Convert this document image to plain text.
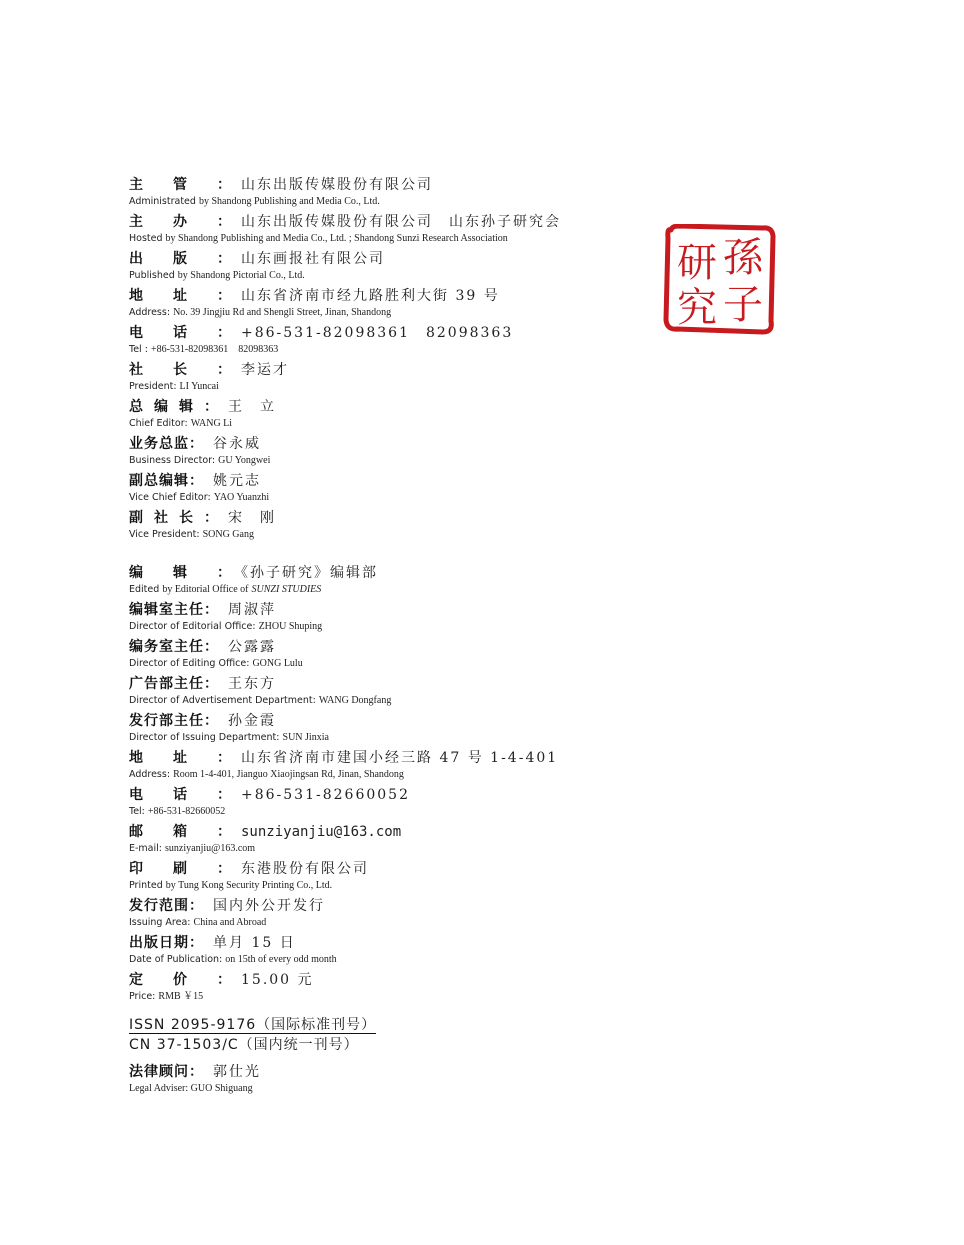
主管： 山东出版传媒股份有限公司
Administrated by Shandong Publishing and Media Co., Ltd.
主办： 山东出版传媒股份有限公司　山东孙子研究会
Hosted by Shandong Publishing and Media Co., Ltd. ; Shandong Sunzi Research Association
出版： 山东画报社有限公司
Published by Shandong Pictorial Co., Ltd.
地址： 山东省济南市经九路胜利大街 39 号
Address: No. 39 Jingjiu Rd and Shengli Street, Jinan, Shandong
电话： +86-531-82098361　82098363
Tel : +86-531-82098361　82098363
社长： 李运才
President: LI Yuncai
总编辑： 王　立
Chief Editor: WANG Li
业务总监： 谷永威
Business Director: GU Yongwei
副总编辑： 姚元志
Vice Chief Editor: YAO Yuanzhi
副社长： 宋　刚
Vice President: SONG Gang
编辑： 《孙子研究》编辑部
Edited by Editorial Office of SUNZI STUDIES
编辑室主任： 周淑萍
Director of Editorial Office: ZHOU Shuping
编务室主任： 公露露
Director of Editing Office: GONG Lulu
广告部主任： 王东方
Director of Advertisement Department: WANG Dongfang
发行部主任： 孙金霞
Director of Issuing Department: SUN Jinxia
地址： 山东省济南市建国小经三路 47 号 1-4-401
Address: Room 1-4-401, Jianguo Xiaojingsan Rd, Jinan, Shandong
电话： +86-531-82660052
Tel: +86-531-82660052
邮箱： sunziyanjiu@163.com
E-mail: sunziyanjiu@163.com
印刷： 东港股份有限公司
Printed by Tung Kong Security Printing Co., Ltd.
发行范围： 国内外公开发行
Issuing Area: China and Abroad
出版日期： 单月 15 日
Date of Publication: on 15th of every odd month
定价： 15.00 元
Price: RMB ￥15
ISSN 2095-9176（国际标准刊号）
CN 37-1503/C（国内统一刊号）
法律顾问： 郭仕光
Legal Adviser: GUO Shiguang
孫
子
研
究
